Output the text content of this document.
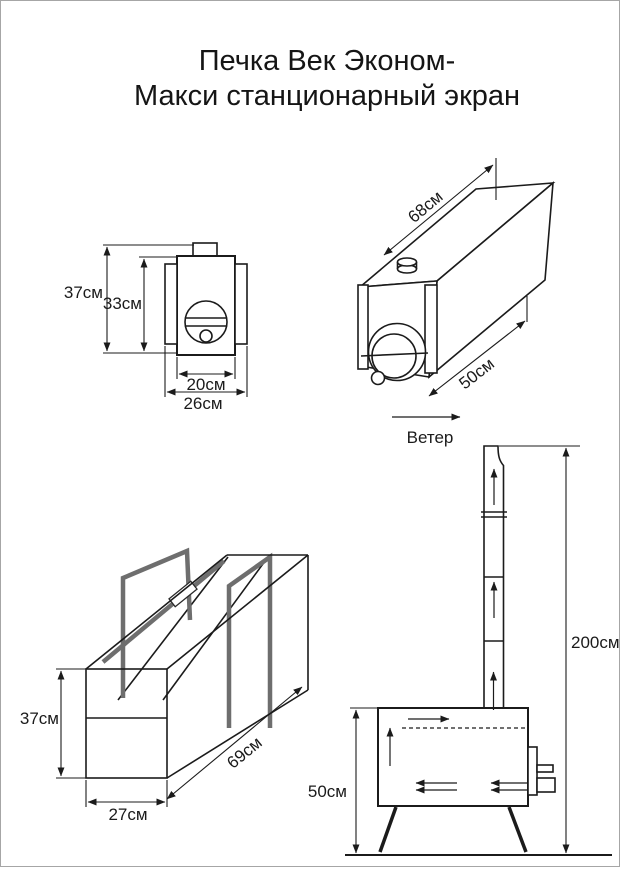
Печка Век Эконом-
Макси станционарный экран
37см
33см
20см
26см
68см
50см
Ветер
37см
27см
69см
200см
50см
